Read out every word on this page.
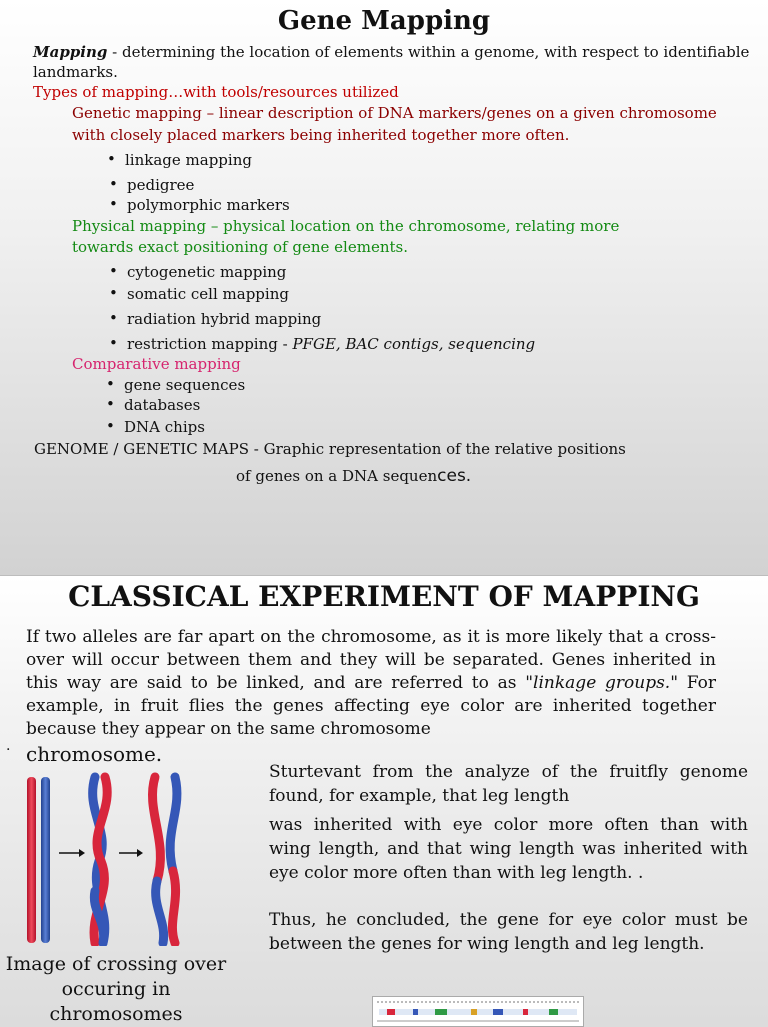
Gene Mapping
Mapping - determining the location of elements within a genome, with respect to identifiable
landmarks.
Types of mapping…with tools/resources utilized
Genetic mapping – linear description of DNA markers/genes on a given chromosome
with closely placed markers being inherited together more often.
• linkage mapping
• pedigree
• polymorphic markers
Physical mapping – physical location on the chromosome, relating more
towards exact positioning of gene elements.
• cytogenetic mapping
• somatic cell mapping
• radiation hybrid mapping
• restriction mapping - PFGE, BAC contigs, sequencing
Comparative mapping
• gene sequences
• databases
• DNA chips
GENOME / GENETIC MAPS - Graphic representation of the relative positions
of genes on a DNA sequences.
CLASSICAL EXPERIMENT OF MAPPING
If two alleles are far apart on the chromosome, as it is more likely that a cross-over will occur between them and they will be separated. Genes inherited in this way are said to be linked, and are referred to as "linkage groups." For example, in fruit flies the genes affecting eye color are inherited together because they appear on the same chromosome
. chromosome.
Sturtevant from the analyze of the fruitfly genome found, for example, that leg length
was inherited with eye color more often than with wing length, and that wing length was inherited with eye color more often than with leg length. .
Thus, he concluded, the gene for eye color must be between the genes for wing length and leg length.
Image of crossing over occuring in chromosomes
